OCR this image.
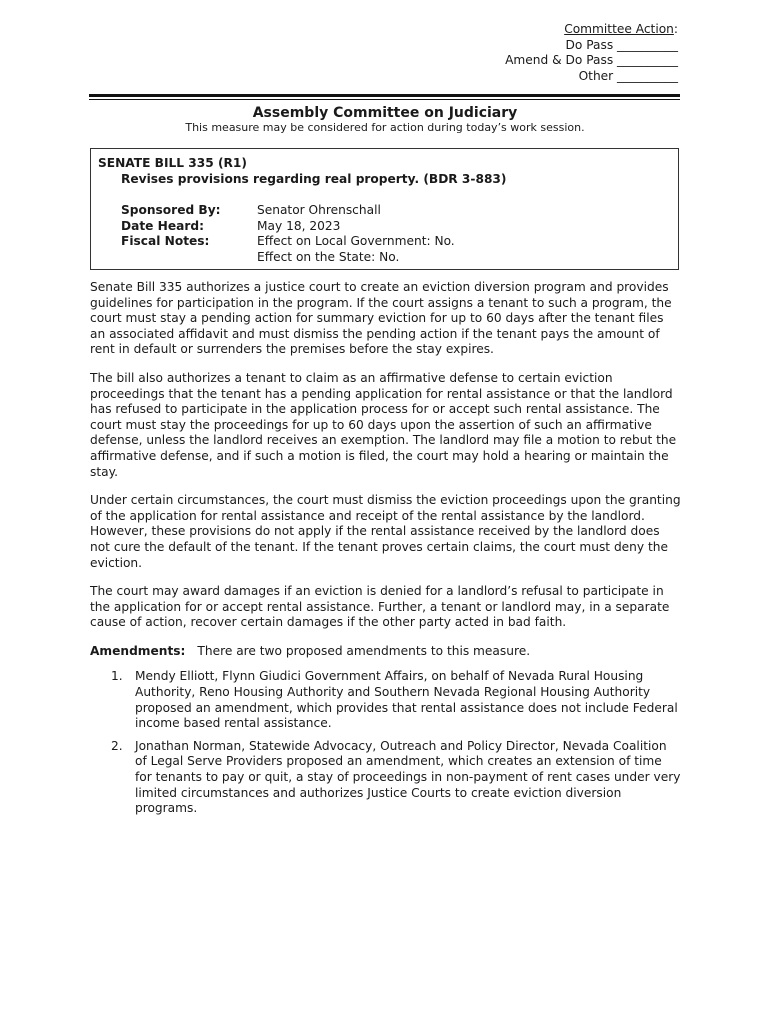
Committee Action:
Do Pass __________
Amend & Do Pass __________
Other __________
Assembly Committee on Judiciary
This measure may be considered for action during today’s work session.
SENATE BILL 335 (R1)
Revises provisions regarding real property. (BDR 3-883)
Sponsored By:	Senator Ohrenschall
Date Heard:	May 18, 2023
Fiscal Notes:	Effect on Local Government: No.
Effect on the State: No.

Senate Bill 335 authorizes a justice court to create an eviction diversion program and provides guidelines for participation in the program. If the court assigns a tenant to such a program, the court must stay a pending action for summary eviction for up to 60 days after the tenant files an associated affidavit and must dismiss the pending action if the tenant pays the amount of rent in default or surrenders the premises before the stay expires.

The bill also authorizes a tenant to claim as an affirmative defense to certain eviction proceedings that the tenant has a pending application for rental assistance or that the landlord has refused to participate in the application process for or accept such rental assistance. The court must stay the proceedings for up to 60 days upon the assertion of such an affirmative defense, unless the landlord receives an exemption. The landlord may file a motion to rebut the affirmative defense, and if such a motion is filed, the court may hold a hearing or maintain the stay.

Under certain circumstances, the court must dismiss the eviction proceedings upon the granting of the application for rental assistance and receipt of the rental assistance by the landlord. However, these provisions do not apply if the rental assistance received by the landlord does not cure the default of the tenant. If the tenant proves certain claims, the court must deny the eviction.

The court may award damages if an eviction is denied for a landlord’s refusal to participate in the application for or accept rental assistance. Further, a tenant or landlord may, in a separate cause of action, recover certain damages if the other party acted in bad faith.

Amendments: There are two proposed amendments to this measure.
1. Mendy Elliott, Flynn Giudici Government Affairs, on behalf of Nevada Rural Housing Authority, Reno Housing Authority and Southern Nevada Regional Housing Authority proposed an amendment, which provides that rental assistance does not include Federal income based rental assistance.
2. Jonathan Norman, Statewide Advocacy, Outreach and Policy Director, Nevada Coalition of Legal Serve Providers proposed an amendment, which creates an extension of time for tenants to pay or quit, a stay of proceedings in non-payment of rent cases under very limited circumstances and authorizes Justice Courts to create eviction diversion programs.
